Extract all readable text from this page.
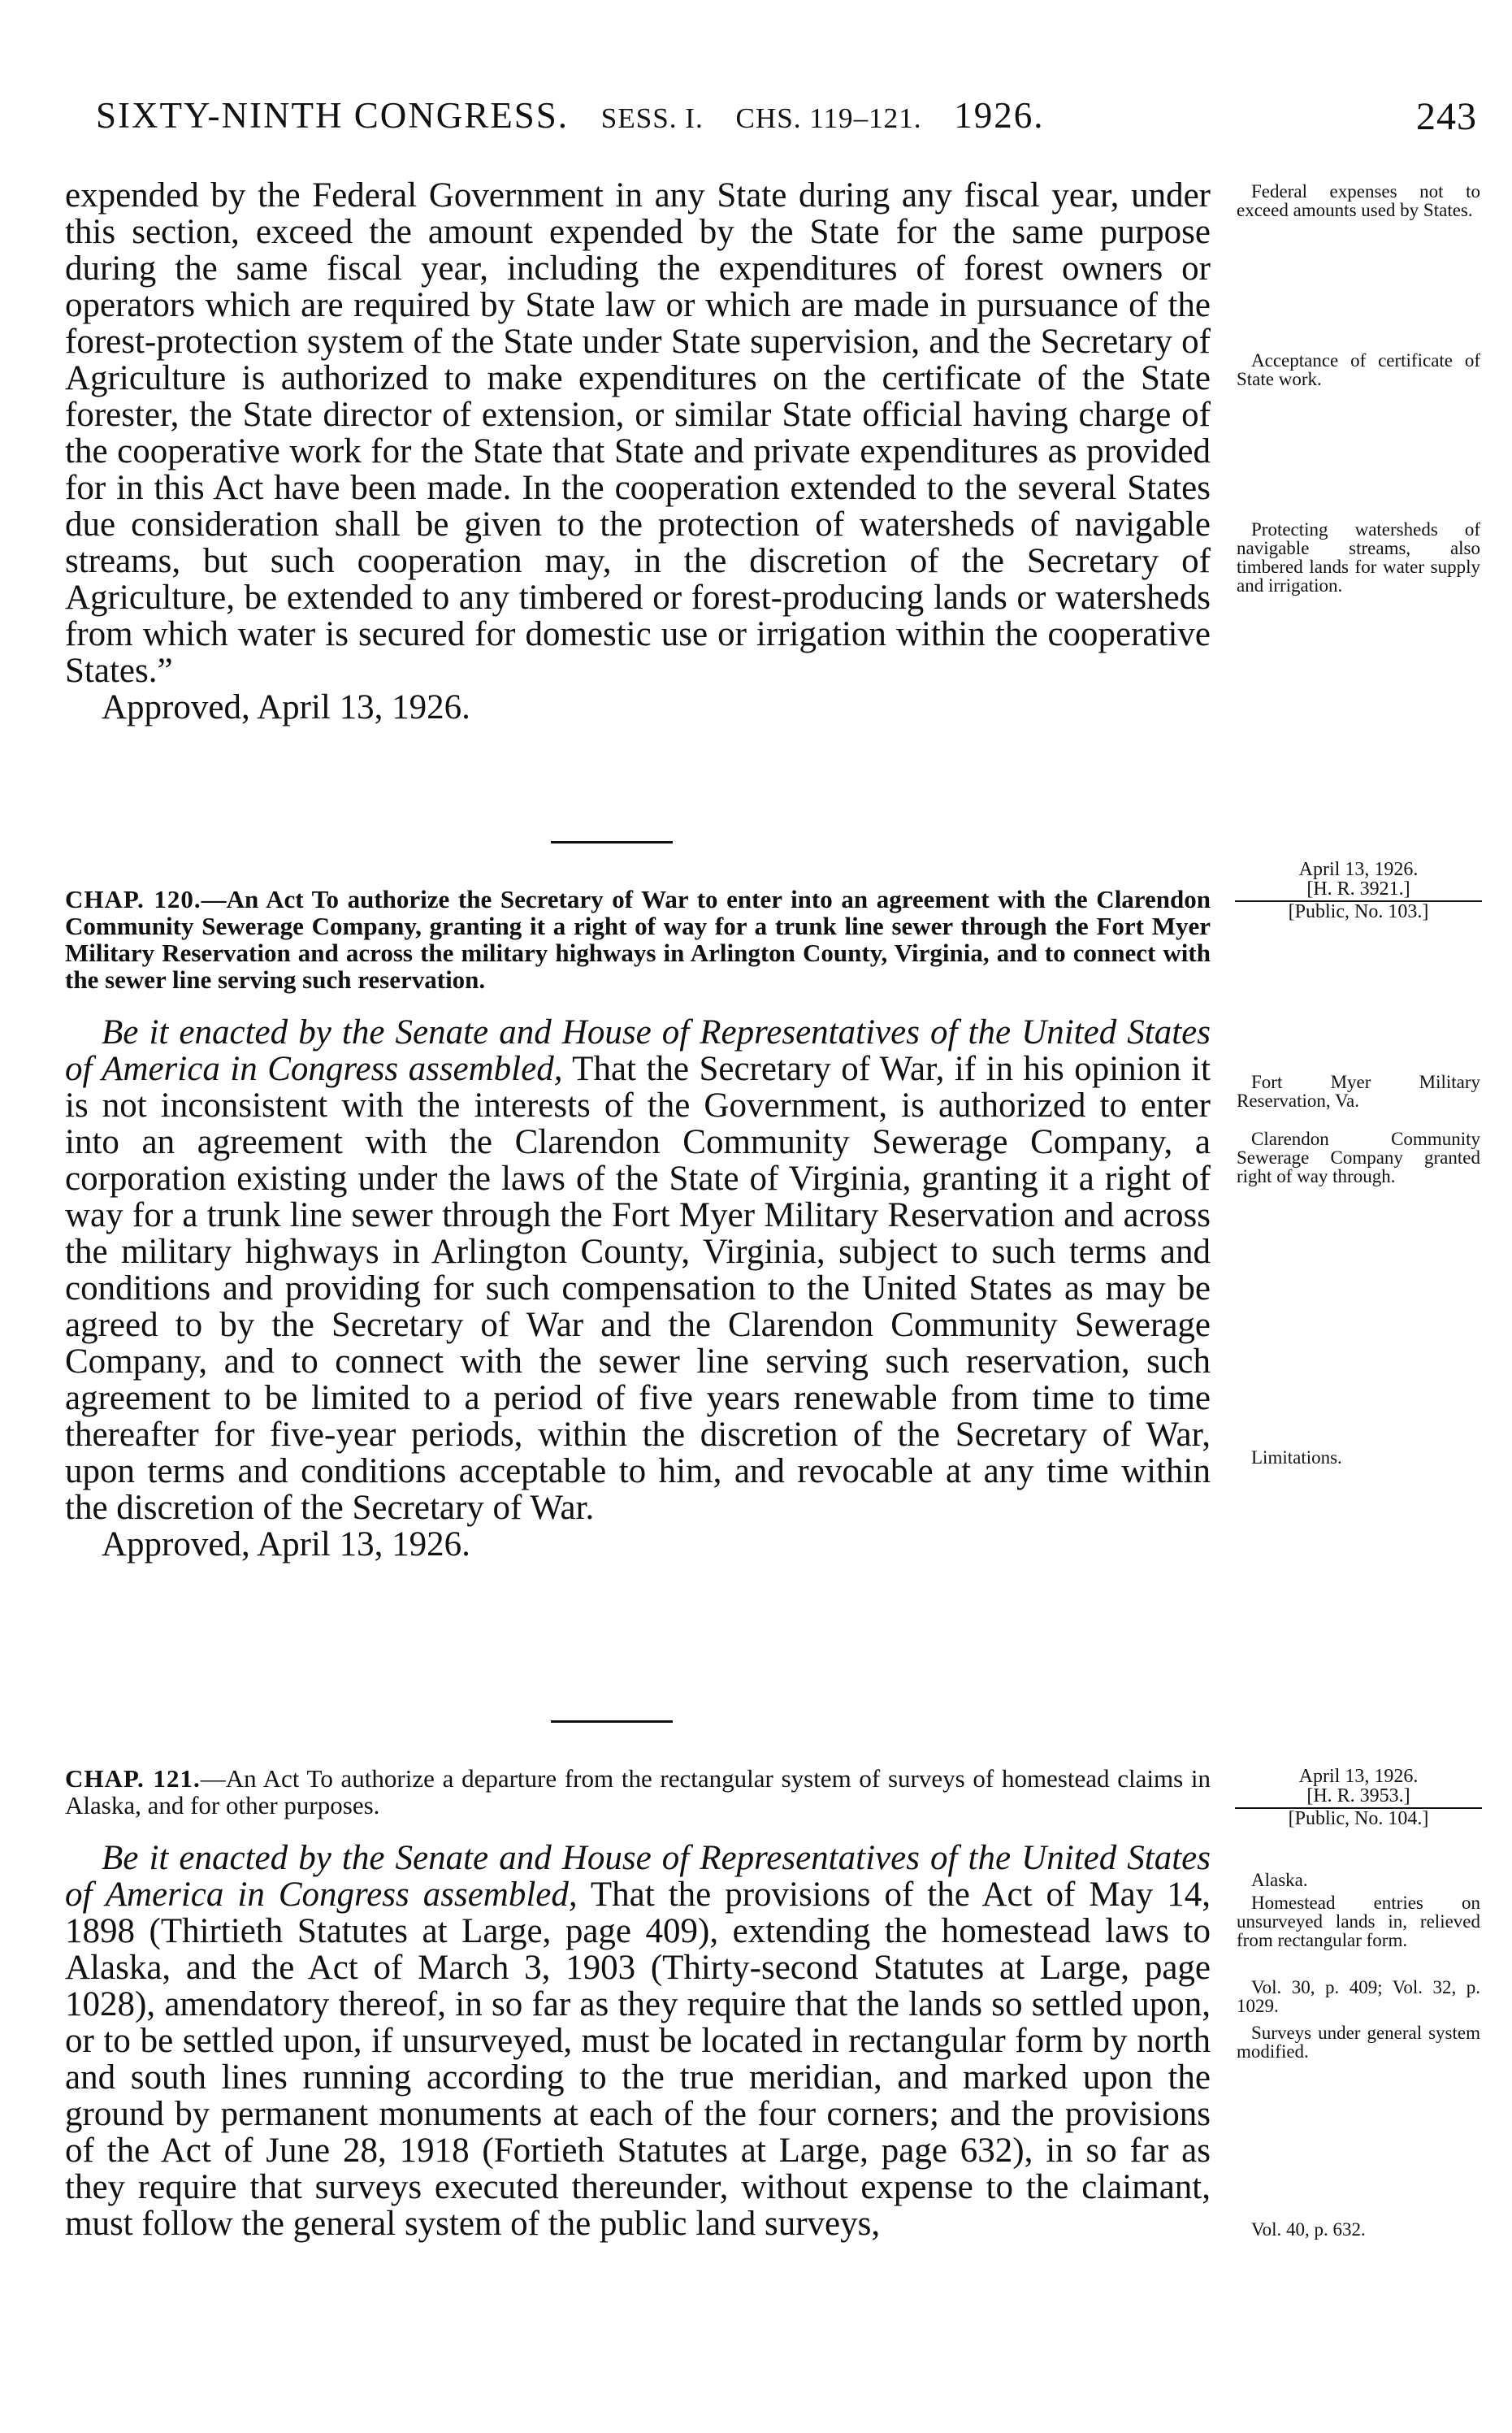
SIXTY-NINTH CONGRESS. SESS. I. CHS. 119–121. 1926.	243

expended by the Federal Government in any State during any fiscal year, under this section, exceed the amount expended by the State for the same purpose during the same fiscal year, including the expenditures of forest owners or operators which are required by State law or which are made in pursuance of the forest-protection system of the State under State supervision, and the Secretary of Agriculture is authorized to make expenditures on the certificate of the State forester, the State director of extension, or similar State official having charge of the cooperative work for the State that State and private expenditures as provided for in this Act have been made. In the cooperation extended to the several States due consideration shall be given to the protection of watersheds of navigable streams, but such cooperation may, in the discretion of the Secretary of Agriculture, be extended to any timbered or forest-producing lands or watersheds from which water is secured for domestic use or irrigation within the cooperative States.”

Approved, April 13, 1926.

CHAP. 120.—An Act To authorize the Secretary of War to enter into an agreement with the Clarendon Community Sewerage Company, granting it a right of way for a trunk line sewer through the Fort Myer Military Reservation and across the military highways in Arlington County, Virginia, and to connect with the sewer line serving such reservation.

Be it enacted by the Senate and House of Representatives of the United States of America in Congress assembled, That the Secretary of War, if in his opinion it is not inconsistent with the interests of the Government, is authorized to enter into an agreement with the Clarendon Community Sewerage Company, a corporation existing under the laws of the State of Virginia, granting it a right of way for a trunk line sewer through the Fort Myer Military Reservation and across the military highways in Arlington County, Virginia, subject to such terms and conditions and providing for such compensation to the United States as may be agreed to by the Secretary of War and the Clarendon Community Sewerage Company, and to connect with the sewer line serving such reservation, such agreement to be limited to a period of five years renewable from time to time thereafter for five-year periods, within the discretion of the Secretary of War, upon terms and conditions acceptable to him, and revocable at any time within the discretion of the Secretary of War.

Approved, April 13, 1926.

CHAP. 121.—An Act To authorize a departure from the rectangular system of surveys of homestead claims in Alaska, and for other purposes.

Be it enacted by the Senate and House of Representatives of the United States of America in Congress assembled, That the provisions of the Act of May 14, 1898 (Thirtieth Statutes at Large, page 409), extending the homestead laws to Alaska, and the Act of March 3, 1903 (Thirty-second Statutes at Large, page 1028), amendatory thereof, in so far as they require that the lands so settled upon, or to be settled upon, if unsurveyed, must be located in rectangular form by north and south lines running according to the true meridian, and marked upon the ground by permanent monuments at each of the four corners; and the provisions of the Act of June 28, 1918 (Fortieth Statutes at Large, page 632), in so far as they require that surveys executed thereunder, without expense to the claimant, must follow the general system of the public land surveys,

Federal expenses not to exceed amounts used by States.

Acceptance of certificate of State work.

Protecting watersheds of navigable streams, also timbered lands for water supply and irrigation.

April 13, 1926.
[H. R. 3921.]
[Public, No. 103.]

Fort Myer Military Reservation, Va.

Clarendon Community Sewerage Company granted right of way through.

Limitations.

April 13, 1926.
[H. R. 3953.]
[Public, No. 104.]

Alaska.

Homestead entries on unsurveyed lands in, relieved from rectangular form.

Vol. 30, p. 409; Vol. 32, p. 1029.

Surveys under general system modified.

Vol. 40, p. 632.
